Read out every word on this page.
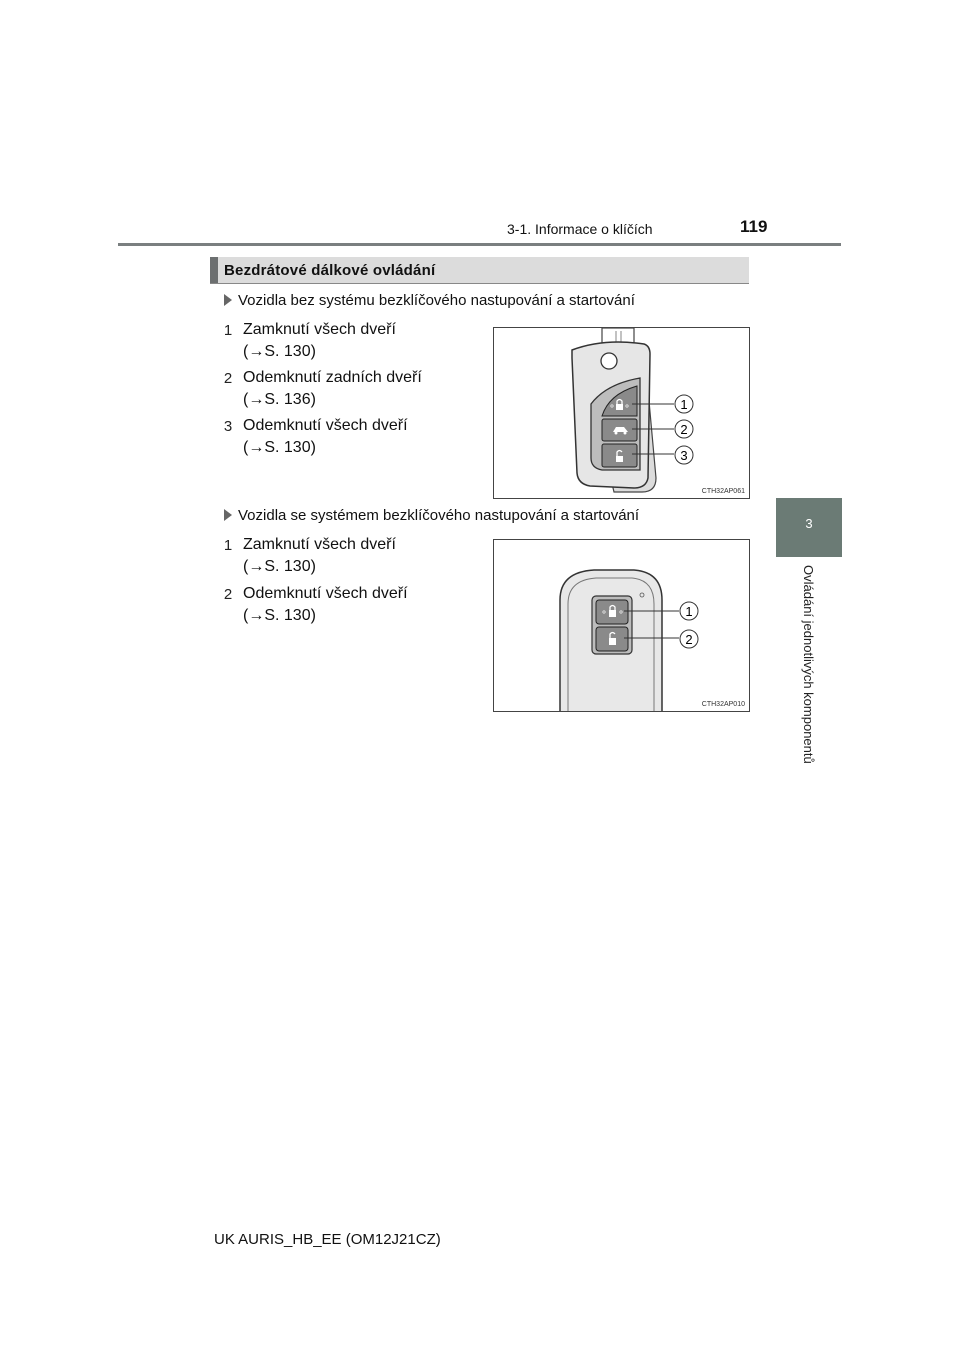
3-1. Informace o klíčích	119
3
Ovládání jednotlivých komponentů
Bezdrátové dálkové ovládání
Vozidla bez systému bezklíčového nastupování a startování
1 Zamknutí všech dveří
(→S. 130)
2 Odemknutí zadních dveří
(→S. 136)
3 Odemknutí všech dveří
(→S. 130)
1
2
3
CTH32AP061
Vozidla se systémem bezklíčového nastupování a startování
1 Zamknutí všech dveří
(→S. 130)
2 Odemknutí všech dveří
(→S. 130)	1
2
CTH32AP010
UK AURIS_HB_EE (OM12J21CZ)
